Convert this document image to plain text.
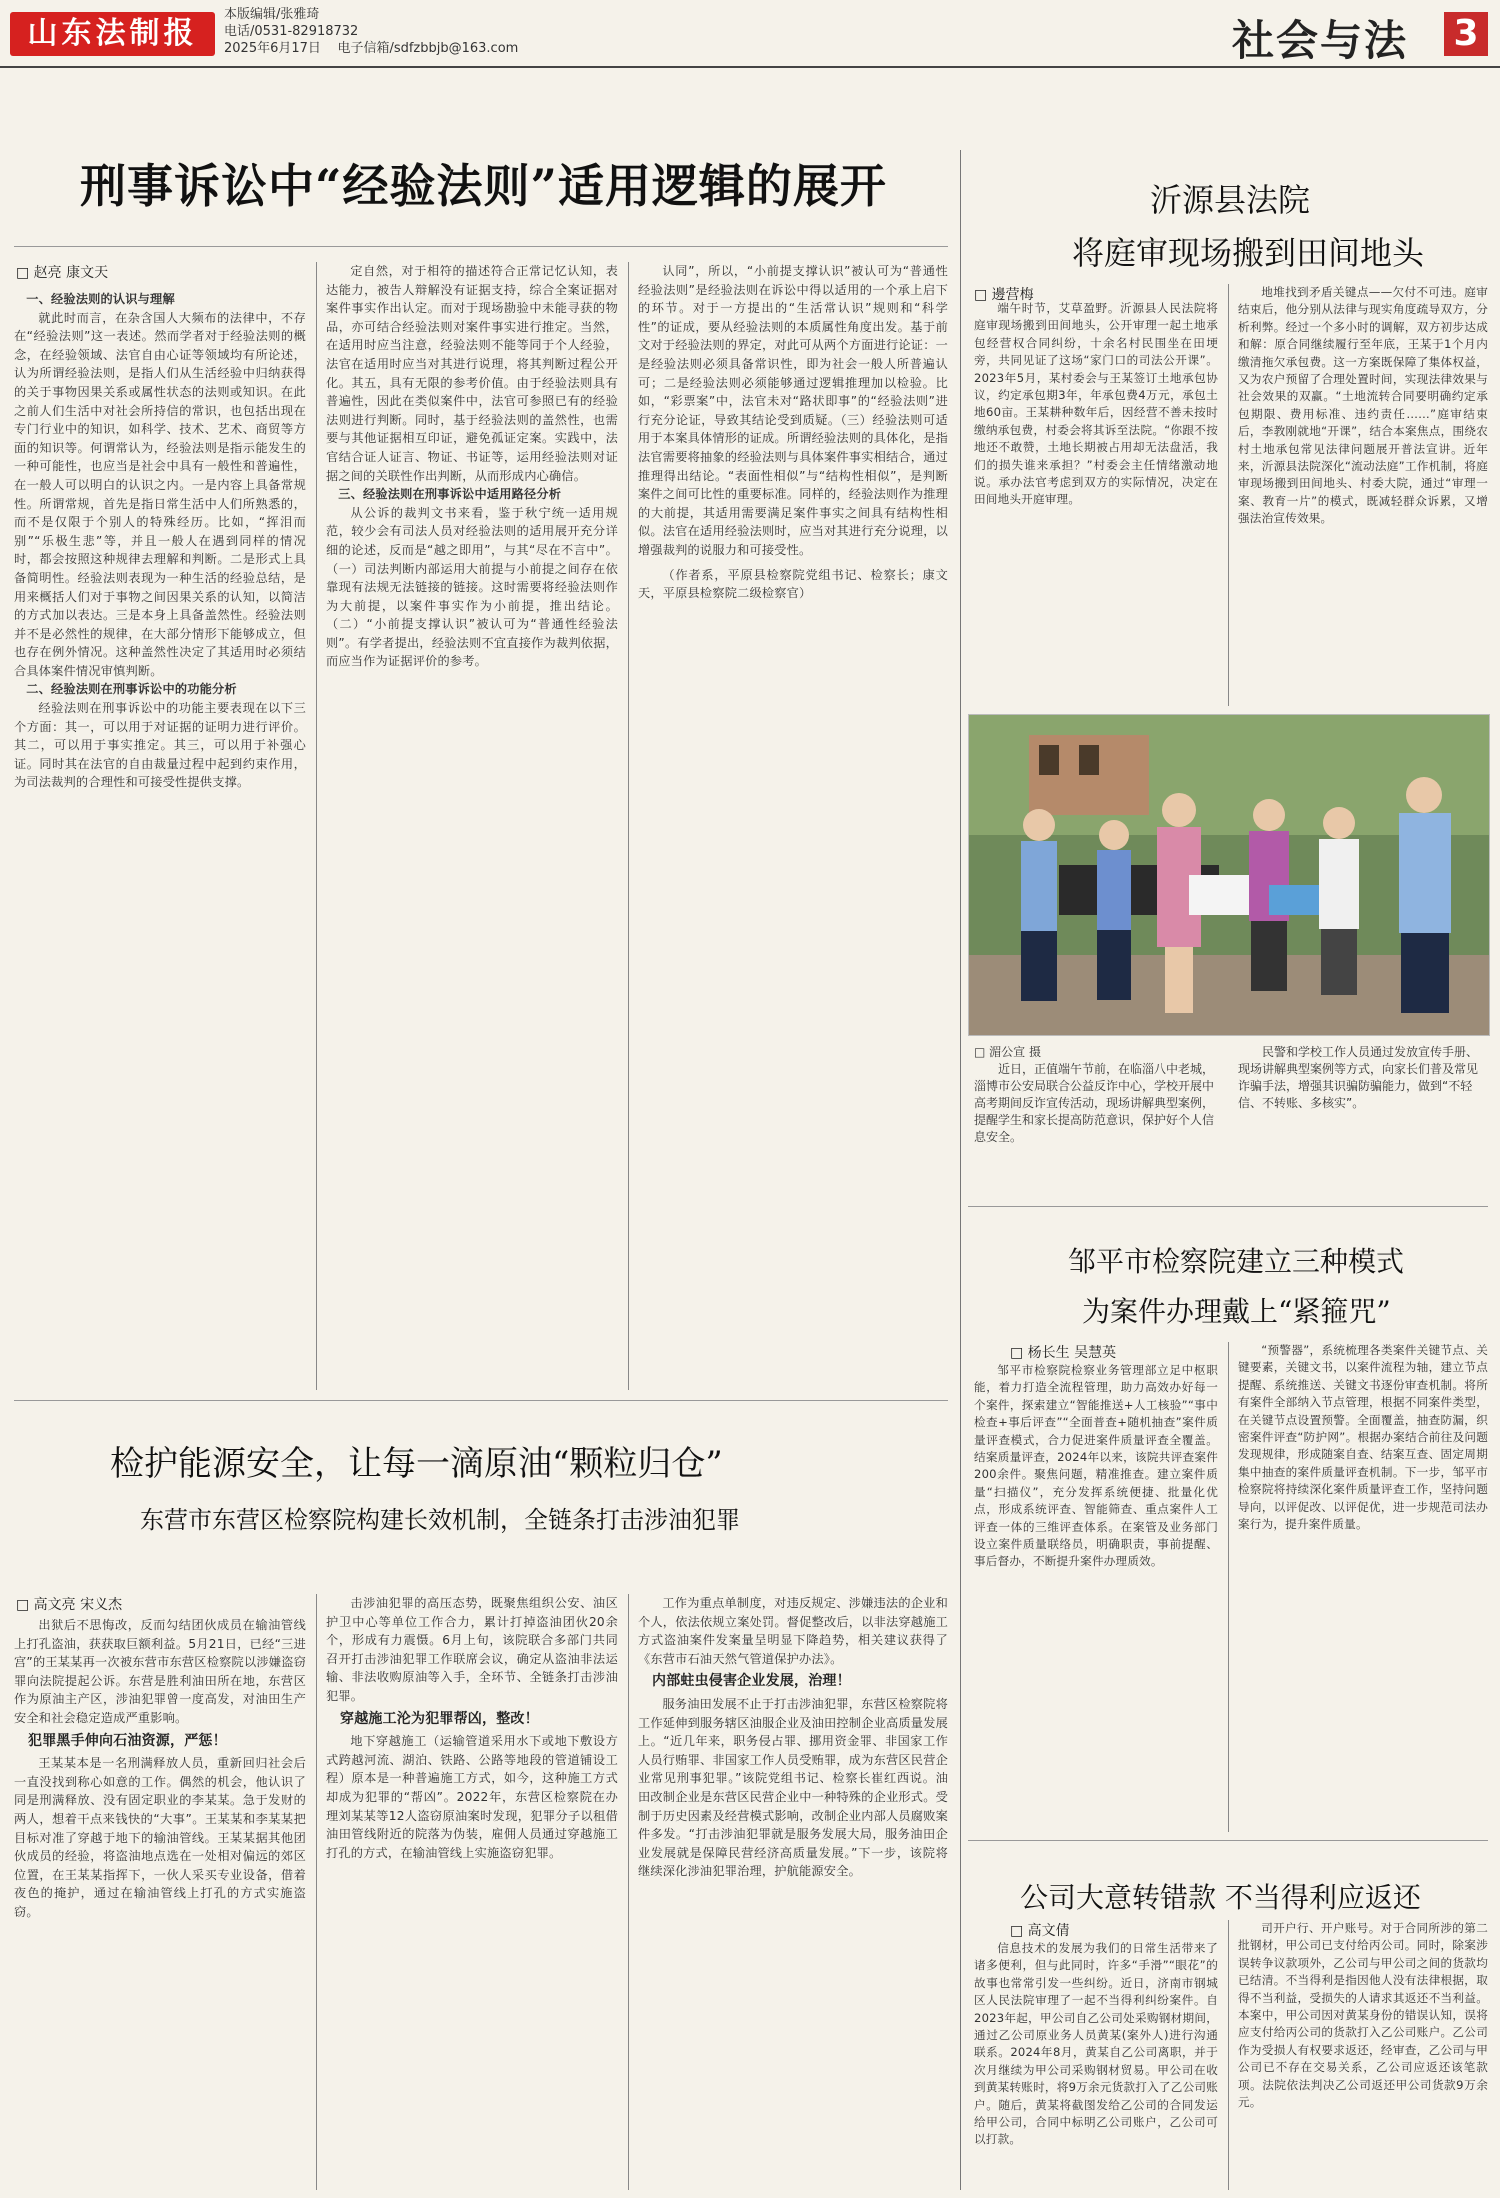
山东法制报
本版编辑/张雅琦
电话/0531-82918732
2025年6月17日 电子信箱/sdfzbbjb@163.com	社会与法 3
刑事诉讼中“经验法则”适用逻辑的展开
□ 赵亮 康文天

一、经验法则的认识与理解

就此时而言，在杂含国人大频布的法律中，不存在“经验法则”这一表述。然而学者对于经验法则的概念，在经验领域、法官自由心证等领域均有所论述，认为所谓经验法则，是指人们从生活经验中归纳获得的关于事物因果关系或属性状态的法则或知识。在此之前人们生活中对社会所持信的常识，也包括出现在专门行业中的知识，如科学、技术、艺术、商贸等方面的知识等。何谓常认为，经验法则是指示能发生的一种可能性，也应当是社会中具有一般性和普遍性，在一般人可以明白的认识之内。一是内容上具备常规性。所谓常规，首先是指日常生活中人们所熟悉的，而不是仅限于个别人的特殊经历。比如，“挥泪而别”“乐极生悲”等，并且一般人在遇到同样的情况时，都会按照这种规律去理解和判断。二是形式上具备简明性。经验法则表现为一种生活的经验总结，是用来概括人们对于事物之间因果关系的认知，以简洁的方式加以表达。三是本身上具备盖然性。经验法则并不是必然性的规律，在大部分情形下能够成立，但也存在例外情况。这种盖然性决定了其适用时必须结合具体案件情况审慎判断。

二、经验法则在刑事诉讼中的功能分析

经验法则在刑事诉讼中的功能主要表现在以下三个方面：其一，可以用于对证据的证明力进行评价。其二，可以用于事实推定。其三，可以用于补强心证。同时其在法官的自由裁量过程中起到约束作用，为司法裁判的合理性和可接受性提供支撑。

定自然，对于相符的描述符合正常记忆认知，表达能力，被告人辩解没有证据支持，综合全案证据对案件事实作出认定。而对于现场勘验中未能寻获的物品，亦可结合经验法则对案件事实进行推定。当然，在适用时应当注意，经验法则不能等同于个人经验，法官在适用时应当对其进行说理，将其判断过程公开化。其五，具有无限的参考价值。由于经验法则具有普遍性，因此在类似案件中，法官可参照已有的经验法则进行判断。同时，基于经验法则的盖然性，也需要与其他证据相互印证，避免孤证定案。实践中，法官结合证人证言、物证、书证等，运用经验法则对证据之间的关联性作出判断，从而形成内心确信。

三、经验法则在刑事诉讼中适用路径分析

从公诉的裁判文书来看，鉴于秋宁统一适用规范，较少会有司法人员对经验法则的适用展开充分详细的论述，反而是“越之即用”，与其“尽在不言中”。（一）司法判断内部运用大前提与小前提之间存在依靠现有法规无法链接的链接。这时需要将经验法则作为大前提，以案件事实作为小前提，推出结论。（二）“小前提支撑认识”被认可为“普通性经验法则”。有学者提出，经验法则不宜直接作为裁判依据，而应当作为证据评价的参考。

认同”，所以，“小前提支撑认识”被认可为“普通性经验法则”是经验法则在诉讼中得以适用的一个承上启下的环节。对于一方提出的“生活常认识”规则和“科学性”的证成，要从经验法则的本质属性角度出发。基于前文对于经验法则的界定，对此可从两个方面进行论证：一是经验法则必须具备常识性，即为社会一般人所普遍认可；二是经验法则必须能够通过逻辑推理加以检验。比如，“彩票案”中，法官未对“路状即事”的“经验法则”进行充分论证，导致其结论受到质疑。（三）经验法则可适用于本案具体情形的证成。所谓经验法则的具体化，是指法官需要将抽象的经验法则与具体案件事实相结合，通过推理得出结论。“表面性相似”与“结构性相似”，是判断案件之间可比性的重要标准。同样的，经验法则作为推理的大前提，其适用需要满足案件事实之间具有结构性相似。法官在适用经验法则时，应当对其进行充分说理，以增强裁判的说服力和可接受性。

（作者系，平原县检察院党组书记、检察长；康文天，平原县检察院二级检察官）

沂源县法院
将庭审现场搬到田间地头
□ 邊营梅

端午时节，艾草盈野。沂源县人民法院将庭审现场搬到田间地头，公开审理一起土地承包经营权合同纠纷，十余名村民围坐在田埂旁，共同见证了这场“家门口的司法公开课”。2023年5月，某村委会与王某签订土地承包协议，约定承包期3年，年承包费4万元，承包土地60亩。王某耕种数年后，因经营不善未按时缴纳承包费，村委会将其诉至法院。“你跟不按地还不敢赞，土地长期被占用却无法盘活，我们的损失谁来承担？”村委会主任情绪激动地说。承办法官考虑到双方的实际情况，决定在田间地头开庭审理。

地堆找到矛盾关键点——欠付不可违。庭审结束后，他分别从法律与现实角度疏导双方，分析利弊。经过一个多小时的调解，双方初步达成和解：原合同继续履行至年底，王某于1个月内缴清拖欠承包费。这一方案既保障了集体权益，又为农户预留了合理处置时间，实现法律效果与社会效果的双赢。“土地流转合同要明确约定承包期限、费用标准、违约责任……”庭审结束后，李教刚就地“开课”，结合本案焦点，围绕农村土地承包常见法律问题展开普法宣讲。近年来，沂源县法院深化“流动法庭”工作机制，将庭审现场搬到田间地头、村委大院，通过“审理一案、教育一片”的模式，既减轻群众诉累，又增强法治宣传效果。

□ 湄公宣 摄
近日，正值端午节前，在临淄八中老城，淄博市公安局联合公益反诈中心，学校开展中高考期间反诈宣传活动，现场讲解典型案例，提醒学生和家长提高防范意识，保护好个人信息安全。
民警和学校工作人员通过发放宣传手册、现场讲解典型案例等方式，向家长们普及常见诈骗手法，增强其识骗防骗能力，做到“不轻信、不转账、多核实”。
邹平市检察院建立三种模式
为案件办理戴上“紧箍咒”
□ 杨长生 吴慧英

邹平市检察院检察业务管理部立足中枢职能，着力打造全流程管理，助力高效办好每一个案件，探索建立“智能推送+人工核验”“事中检查+事后评查”“全面普查+随机抽查”案件质量评查模式，合力促进案件质量评查全覆盖。结案质量评查，2024年以来，该院共评查案件200余件。聚焦问题，精准推查。建立案件质量“扫描仪”，充分发挥系统便捷、批量化优点，形成系统评查、智能筛查、重点案件人工评查一体的三维评查体系。在案管及业务部门设立案件质量联络员，明确职责，事前提醒、事后督办，不断提升案件办理质效。

“预警器”，系统梳理各类案件关键节点、关键要素，关键文书，以案件流程为轴，建立节点提醒、系统推送、关键文书逐份审查机制。将所有案件全部纳入节点管理，根据不同案件类型，在关键节点设置预警。全面覆盖，抽查防漏，织密案件评查“防护网”。根据办案结合前往及问题发现规律，形成随案自查、结案互查、固定周期集中抽查的案件质量评查机制。下一步，邹平市检察院将持续深化案件质量评查工作，坚持问题导向，以评促改、以评促优，进一步规范司法办案行为，提升案件质量。

公司大意转错款 不当得利应返还
□ 高文倩

信息技术的发展为我们的日常生活带来了诸多便利，但与此同时，许多“手滑”“眼花”的故事也常常引发一些纠纷。近日，济南市钢城区人民法院审理了一起不当得利纠纷案件。自2023年起，甲公司自乙公司处采购钢材期间，通过乙公司原业务人员黄某(案外人)进行沟通联系。2024年8月，黄某自乙公司离职，并于次月继续为甲公司采购钢材贸易。甲公司在收到黄某转账时，将9万余元货款打入了乙公司账户。随后，黄某将截图发给乙公司的合同发运给甲公司，合同中标明乙公司账户，乙公司可以打款。

司开户行、开户账号。对于合同所涉的第二批钢材，甲公司已支付给丙公司。同时，除案涉误转争议款项外，乙公司与甲公司之间的货款均已结清。不当得利是指因他人没有法律根据，取得不当利益，受损失的人请求其返还不当利益。本案中，甲公司因对黄某身份的错误认知，误将应支付给丙公司的货款打入乙公司账户。乙公司作为受损人有权要求返还，经审查，乙公司与甲公司已不存在交易关系，乙公司应返还该笔款项。法院依法判决乙公司返还甲公司货款9万余元。

检护能源安全，让每一滴原油“颗粒归仓”
东营市东营区检察院构建长效机制，全链条打击涉油犯罪
□ 高文亮 宋义杰

出狱后不思悔改，反而勾结团伙成员在输油管线上打孔盗油，获获取巨额利益。5月21日，已经“三进宫”的王某某再一次被东营市东营区检察院以涉嫌盗窃罪向法院提起公诉。东营是胜利油田所在地，东营区作为原油主产区，涉油犯罪曾一度高发，对油田生产安全和社会稳定造成严重影响。

犯罪黑手伸向石油资源，严惩！

王某某本是一名刑满释放人员，重新回归社会后一直没找到称心如意的工作。偶然的机会，他认识了同是刑满释放、没有固定职业的李某某。急于发财的两人，想着干点来钱快的“大事”。王某某和李某某把目标对准了穿越于地下的输油管线。王某某据其他团伙成员的经验，将盗油地点选在一处相对偏远的郊区位置，在王某某指挥下，一伙人采买专业设备，借着夜色的掩护，通过在输油管线上打孔的方式实施盗窃。

击涉油犯罪的高压态势，既聚焦组织公安、油区护卫中心等单位工作合力，累计打掉盗油团伙20余个，形成有力震慑。6月上旬，该院联合多部门共同召开打击涉油犯罪工作联席会议，确定从盗油非法运输、非法收购原油等入手，全环节、全链条打击涉油犯罪。

穿越施工沦为犯罪帮凶，整改！

地下穿越施工（运输管道采用水下或地下敷设方式跨越河流、湖泊、铁路、公路等地段的管道铺设工程）原本是一种普遍施工方式，如今，这种施工方式却成为犯罪的“帮凶”。2022年，东营区检察院在办理刘某某等12人盗窃原油案时发现，犯罪分子以租借油田管线附近的院落为伪装，雇佣人员通过穿越施工打孔的方式，在输油管线上实施盗窃犯罪。

工作为重点单制度，对违反规定、涉嫌违法的企业和个人，依法依规立案处罚。督促整改后，以非法穿越施工方式盗油案件发案量呈明显下降趋势，相关建议获得了《东营市石油天然气管道保护办法》。

内部蛀虫侵害企业发展，治理！

服务油田发展不止于打击涉油犯罪，东营区检察院将工作延伸到服务辖区油服企业及油田控制企业高质量发展上。“近几年来，职务侵占罪、挪用资金罪、非国家工作人员行贿罪、非国家工作人员受贿罪，成为东营区民营企业常见刑事犯罪。”该院党组书记、检察长崔红西说。油田改制企业是东营区民营企业中一种特殊的企业形式。受制于历史因素及经营模式影响，改制企业内部人员腐败案件多发。“打击涉油犯罪就是服务发展大局，服务油田企业发展就是保障民营经济高质量发展。”下一步，该院将继续深化涉油犯罪治理，护航能源安全。
